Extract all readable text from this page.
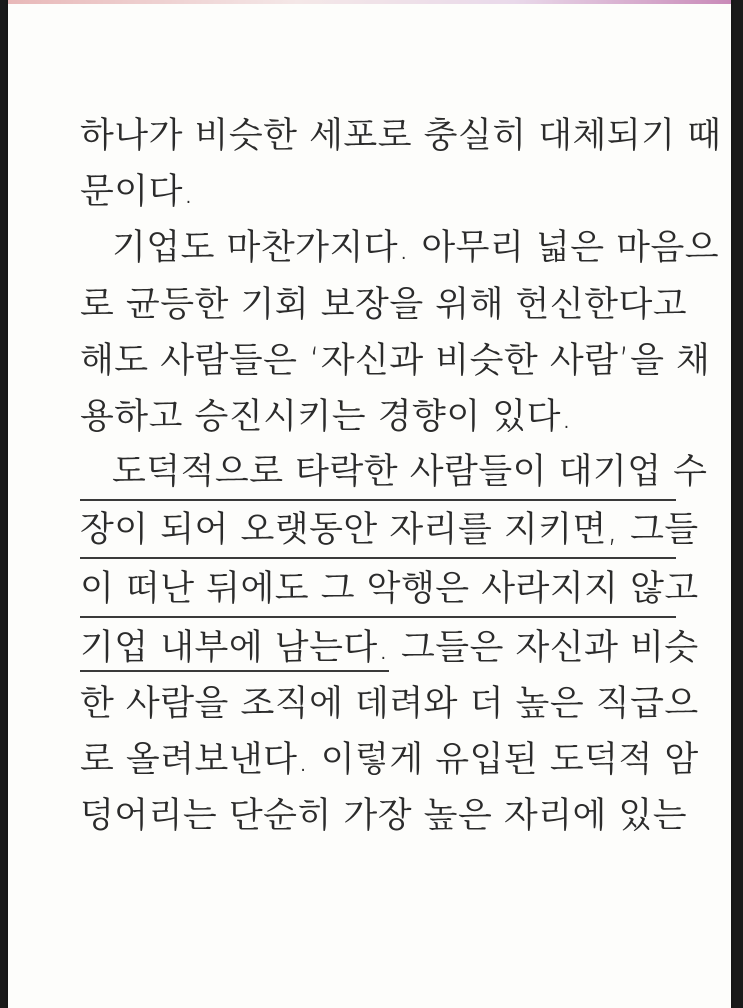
하나가 비슷한 세포로 충실히 대체되기 때
문이다.
기업도 마찬가지다. 아무리 넓은 마음으
로 균등한 기회 보장을 위해 헌신한다고
해도 사람들은 ‘자신과 비슷한 사람’을 채
용하고 승진시키는 경향이 있다.
도덕적으로 타락한 사람들이 대기업 수
장이 되어 오랫동안 자리를 지키면, 그들
이 떠난 뒤에도 그 악행은 사라지지 않고
기업 내부에 남는다. 그들은 자신과 비슷
한 사람을 조직에 데려와 더 높은 직급으
로 올려보낸다. 이렇게 유입된 도덕적 암
덩어리는 단순히 가장 높은 자리에 있는
